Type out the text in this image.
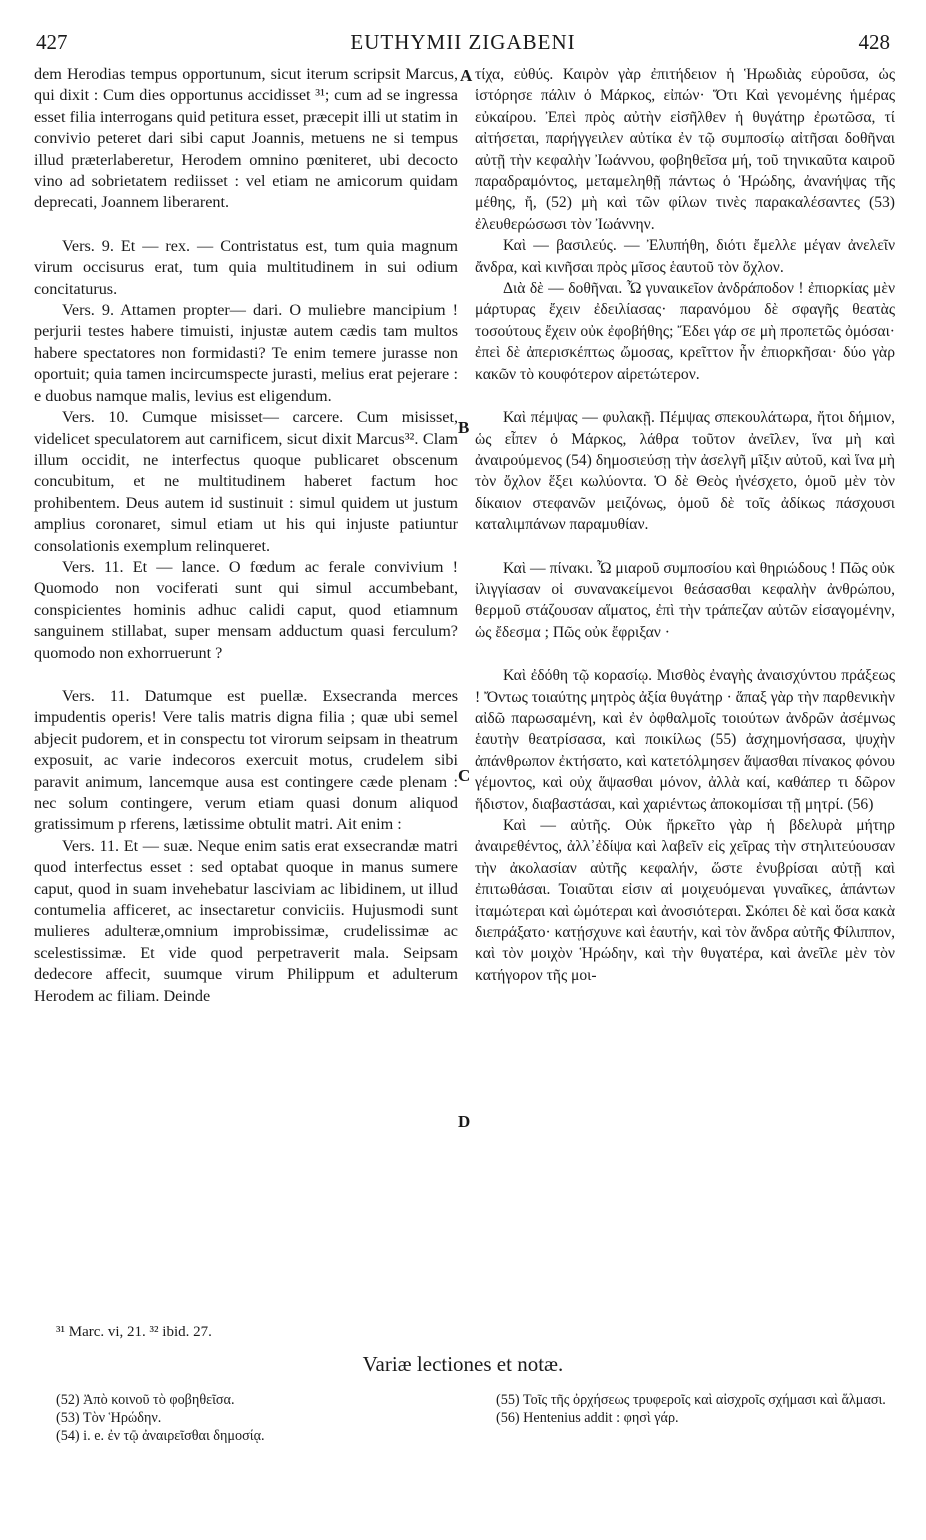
427	EUTHYMII ZIGABENI	428

dem Herodias tempus opportunum, sicut iterum scripsit Marcus, qui dixit : Cum dies opportunus accidisset ³¹; cum ad se ingressa esset filia interrogans quid petitura esset, præcepit illi ut statim in convivio peteret dari sibi caput Joannis, metuens ne si tempus illud præterlaberetur, Herodem omnino pœniteret, ubi decocto vino ad sobrietatem rediisset : vel etiam ne amicorum quidam deprecati, Joannem liberarent.

Vers. 9. Et — rex. — Contristatus est, tum quia magnum virum occisurus erat, tum quia multitudinem in sui odium concitaturus.

Vers. 9. Attamen propter— dari. O muliebre mancipium ! perjurii testes habere timuisti, injustæ autem cædis tam multos habere spectatores non formidasti? Te enim temere jurasse non oportuit; quia tamen incircumspecte jurasti, melius erat pejerare : e duobus namque malis, levius est eligendum.

Vers. 10. Cumque misisset— carcere. Cum misisset, videlicet speculatorem aut carnificem, sicut dixit Marcus³². Clam illum occidit, ne interfectus quoque publicaret obscenum concubitum, et ne multitudinem haberet factum hoc prohibentem. Deus autem id sustinuit : simul quidem ut justum amplius coronaret, simul etiam ut his qui injuste patiuntur consolationis exemplum relinqueret.

Vers. 11. Et — lance. O fœdum ac ferale convivium ! Quomodo non vociferati sunt qui simul accumbebant, conspicientes hominis adhuc calidi caput, quod etiamnum sanguinem stillabat, super mensam adductum quasi ferculum? quomodo non exhorruerunt ?

Vers. 11. Datumque est puellæ. Exsecranda merces impudentis operis! Vere talis matris digna filia ; quæ ubi semel abjecit pudorem, et in conspectu tot virorum seipsam in theatrum exposuit, ac varie indecoros exercuit motus, crudelem sibi paravit animum, lancemque ausa est contingere cæde plenam : nec solum contingere, verum etiam quasi donum aliquod gratissimum p rferens, lætissime obtulit matri. Ait enim :

Vers. 11. Et — suæ. Neque enim satis erat exsecrandæ matri quod interfectus esset : sed optabat quoque in manus sumere caput, quod in suam invehebatur lasciviam ac libidinem, ut illud contumelia afficeret, ac insectaretur conviciis. Hujusmodi sunt mulieres adulteræ,omnium improbissimæ, crudelissimæ ac scelestissimæ. Et vide quod perpetraverit mala. Seipsam dedecore affecit, suumque virum Philippum et adulterum Herodem ac filiam. Deinde

A
B
C
D

τίχα, εὐθύς. Καιρὸν γὰρ ἐπιτήδειον ἡ Ἡρωδιὰς εὑροῦσα, ὡς ἱστόρησε πάλιν ὁ Μάρκος, εἰπών· Ὅτι Καὶ γενομένης ἡμέρας εὐκαίρου. Ἐπεὶ πρὸς αὐτὴν εἰσῆλθεν ἡ θυγάτηρ ἐρωτῶσα, τί αἰτήσεται, παρήγγειλεν αὐτίκα ἐν τῷ συμποσίῳ αἰτῆσαι δοθῆναι αὐτῇ τὴν κεφαλὴν Ἰωάννου, φοβηθεῖσα μή, τοῦ τηνικαῦτα καιροῦ παραδραμόντος, μεταμεληθῇ πάντως ὁ Ἡρώδης, ἀνανήψας τῆς μέθης, ἤ, (52) μὴ καὶ τῶν φίλων τινὲς παρακαλέσαντες (53) ἐλευθερώσωσι τὸν Ἰωάννην.

Καὶ — βασιλεύς. — Ἐλυπήθη, διότι ἔμελλε μέγαν ἀνελεῖν ἄνδρα, καὶ κινῆσαι πρὸς μῖσος ἑαυτοῦ τὸν ὄχλον.

Διὰ δὲ — δοθῆναι. Ὦ γυναικεῖον ἀνδράποδον ! ἐπιορκίας μὲν μάρτυρας ἔχειν ἐδειλίασας· παρανόμου δὲ σφαγῆς θεατὰς τοσούτους ἔχειν οὐκ ἐφοβήθης; Ἔδει γάρ σε μὴ προπετῶς ὀμόσαι· ἐπεὶ δὲ ἀπερισκέπτως ὤμοσας, κρεῖττον ἦν ἐπιορκῆσαι· δύο γὰρ κακῶν τὸ κουφότερον αἱρετώτερον.

Καὶ πέμψας — φυλακῇ. Πέμψας σπεκουλάτωρα, ἤτοι δήμιον, ὡς εἶπεν ὁ Μάρκος, λάθρα τοῦτον ἀνεῖλεν, ἵνα μὴ καὶ ἀναιρούμενος (54) δημοσιεύσῃ τὴν ἀσελγῆ μῖξιν αὐτοῦ, καὶ ἵνα μὴ τὸν ὄχλον ἕξει κωλύοντα. Ὁ δὲ Θεὸς ἠνέσχετο, ὁμοῦ μὲν τὸν δίκαιον στεφανῶν μειζόνως, ὁμοῦ δὲ τοῖς ἀδίκως πάσχουσι καταλιμπάνων παραμυθίαν.

Καὶ — πίνακι. Ὦ μιαροῦ συμποσίου καὶ θηριώδους ! Πῶς οὐκ ἰλιγγίασαν οἱ συνανακείμενοι θεάσασθαι κεφαλὴν ἀνθρώπου, θερμοῦ στάζουσαν αἵματος, ἐπὶ τὴν τράπεζαν αὐτῶν εἰσαγομένην, ὡς ἔδεσμα ; Πῶς οὐκ ἔφριξαν ·

Καὶ ἐδόθη τῷ κορασίῳ. Μισθὸς ἐναγὴς ἀναισχύντου πράξεως ! Ὄντως τοιαύτης μητρὸς ἀξία θυγάτηρ · ἅπαξ γὰρ τὴν παρθενικὴν αἰδῶ παρωσαμένη, καὶ ἐν ὀφθαλμοῖς τοιούτων ἀνδρῶν ἀσέμνως ἑαυτὴν θεατρίσασα, καὶ ποικίλως (55) ἀσχημονήσασα, ψυχὴν ἀπάνθρωπον ἐκτήσατο, καὶ κατετόλμησεν ἅψασθαι πίνακος φόνου γέμοντος, καὶ οὐχ ἅψασθαι μόνον, ἀλλὰ καί, καθάπερ τι δῶρον ἥδιστον, διαβαστάσαι, καὶ χαριέντως ἀποκομίσαι τῇ μητρί. (56)

Καὶ — αὐτῆς. Οὐκ ἤρκεῖτο γὰρ ἡ βδελυρὰ μήτηρ ἀναιρεθέντος, ἀλλ᾽ἐδίψα καὶ λαβεῖν εἰς χεῖρας τὴν στηλιτεύουσαν τὴν ἀκολασίαν αὐτῆς κεφαλήν, ὥστε ἐνυβρίσαι αὐτῇ καὶ ἐπιτωθάσαι. Τοιαῦται εἰσιν αἱ μοιχευόμεναι γυναῖκες, ἁπάντων ἰταμώτεραι καὶ ὠμότεραι καὶ ἀνοσιότεραι. Σκόπει δὲ καὶ ὅσα κακὰ διεπράξατο· κατῄσχυνε καὶ ἑαυτήν, καὶ τὸν ἄνδρα αὐτῆς Φίλιππον, καὶ τὸν μοιχὸν Ἡρώδην, καὶ τὴν θυγατέρα, καὶ ἀνεῖλε μὲν τὸν κατήγορον τῆς μοι-

³¹ Marc. vi, 21. ³² ibid. 27.
Variæ lectiones et notæ.
(52) Ἀπὸ κοινοῦ τὸ φοβηθεῖσα.
(53) Τὸν Ἡρώδην.
(54) i. e. ἐν τῷ ἀναιρεῖσθαι δημοσίᾳ.
(55) Τοῖς τῆς ὀρχήσεως τρυφεροῖς καὶ αἰσχροῖς σχήμασι καὶ ἅλμασι.
(56) Hentenius addit : φησὶ γάρ.
